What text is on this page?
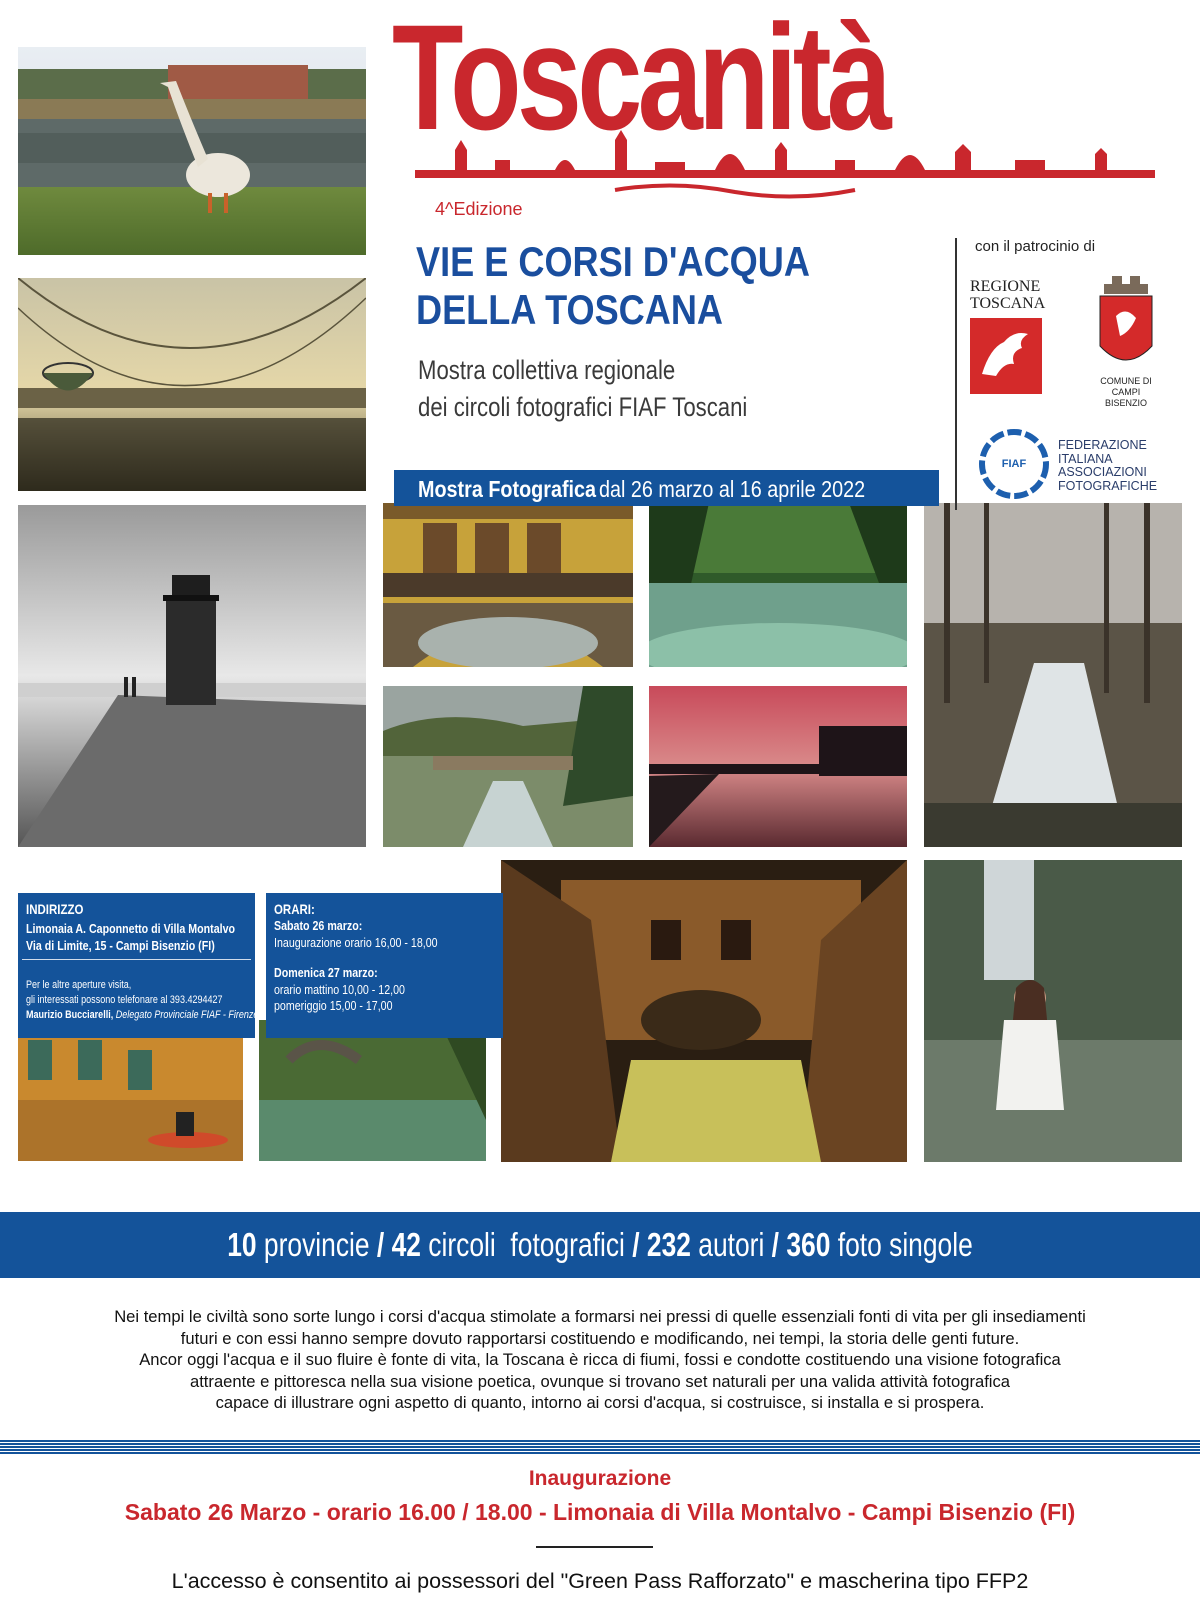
Toscanità
4^Edizione
VIE E CORSI D'ACQUA
DELLA TOSCANA
Mostra collettiva regionale
dei circoli fotografici FIAF Toscani
Mostra Fotografica dal 26 marzo al 16 aprile 2022
con il patrocinio di
REGIONE
TOSCANA
COMUNE DI
CAMPI BISENZIO
FIAF
FEDERAZIONE
ITALIANA
ASSOCIAZIONI
FOTOGRAFICHE
INDIRIZZO
Limonaia A. Caponnetto di Villa Montalvo
Via di Limite, 15 - Campi Bisenzio (FI)
Per le altre aperture visita,
gli interessati possono telefonare al 393.4294427
Maurizio Bucciarelli, Delegato Provinciale FIAF - Firenze
ORARI:
Sabato 26 marzo:
Inaugurazione orario 16,00 - 18,00
Domenica 27 marzo:
orario mattino 10,00 - 12,00
pomeriggio 15,00 - 17,00
10 provincie / 42 circoli  fotografici / 232 autori / 360 foto singole
Nei tempi le civiltà sono sorte lungo i corsi d'acqua stimolate a formarsi nei pressi di quelle essenziali fonti di vita per gli insediamenti
futuri e con essi hanno sempre dovuto rapportarsi costituendo e modificando, nei tempi, la storia delle genti future.
Ancor oggi l'acqua e il suo fluire è fonte di vita, la Toscana è ricca di fiumi, fossi e condotte costituendo una visione fotografica
attraente e pittoresca nella sua visione poetica, ovunque si trovano set naturali per una valida attività fotografica
capace di illustrare ogni aspetto di quanto, intorno ai corsi d'acqua, si costruisce, si installa e si prospera.
Inaugurazione
Sabato 26 Marzo - orario 16.00 / 18.00 - Limonaia di Villa Montalvo - Campi Bisenzio (FI)
L'accesso è consentito ai possessori del "Green Pass Rafforzato" e mascherina tipo FFP2
